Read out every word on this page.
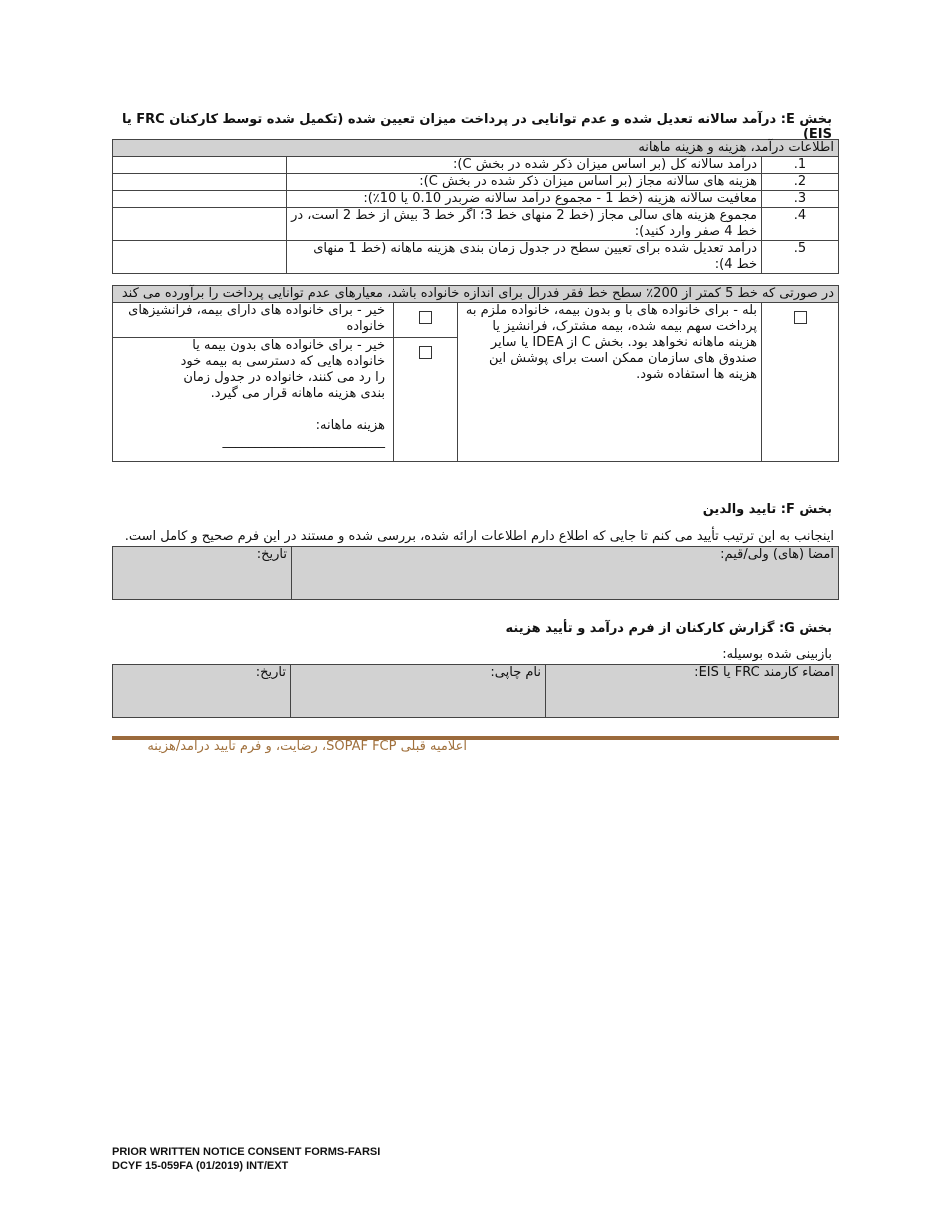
بخش E: درآمد سالانه تعدیل شده و عدم توانایی در پرداخت میزان تعیین شده (تکمیل شده توسط کارکنان FRC یا EIS)
اطلاعات درآمد، هزینه و هزینه ماهانه		
1.	درآمد سالانه کل (بر اساس میزان ذکر شده در بخش C):	
2.	هزینه های سالانه مجاز (بر اساس میزان ذکر شده در بخش C):	
3.	معافیت سالانه هزینه (خط 1 - مجموع درآمد سالانه ضربدر 0.10 یا 10٪):	
4.	مجموع هزینه های سالی مجاز (خط 2 منهای خط 3؛ اگر خط 3 بیش از خط 2 است، در خط 4 صفر وارد کنید):	
5.	درآمد تعدیل شده برای تعیین سطح در جدول زمان بندی هزینه ماهانه (خط 1 منهای خط 4):	
در صورتی که خط 5 کمتر از 200٪ سطح خط فقر فدرال برای اندازه خانواده باشد، معیارهای عدم توانایی پرداخت را برآورده می کند			
	بله - برای خانواده های با و بدون بیمه، خانواده ملزم به پرداخت سهم بیمه شده، بیمه مشترک، فرانشیز یا هزینه ماهانه نخواهد بود. بخش C از IDEA یا سایر صندوق های سازمان ممکن است برای پوشش این هزینه ها استفاده شود.		خیر - برای خانواده های دارای بیمه، فرانشیزهای خانواده

			خیر - برای خانواده های بدون بیمه یا خانواده هایی که دسترسی به بیمه خود را رد می کنند، خانواده در جدول زمان بندی هزینه ماهانه قرار می گیرد.
هزینه ماهانه: _________________________
بخش F: تایید والدین
اینجانب به این ترتیب تأیید می کنم تا جایی که اطلاع دارم اطلاعات ارائه شده، بررسی شده و مستند در این فرم صحیح و کامل است.
امضا (های) ولی/قیم:	تاریخ:
بخش G: گزارش کارکنان از فرم درآمد و تأیید هزینه
بازبینی شده بوسیله:
امضاء کارمند FRC یا EIS:	نام چاپی:	تاریخ:
اعلامیه قبلی SOPAF FCP، رضایت، و فرم تایید درآمد/هزینه
PRIOR WRITTEN NOTICE CONSENT FORMS-FARSI
DCYF 15-059FA (01/2019) INT/EXT
